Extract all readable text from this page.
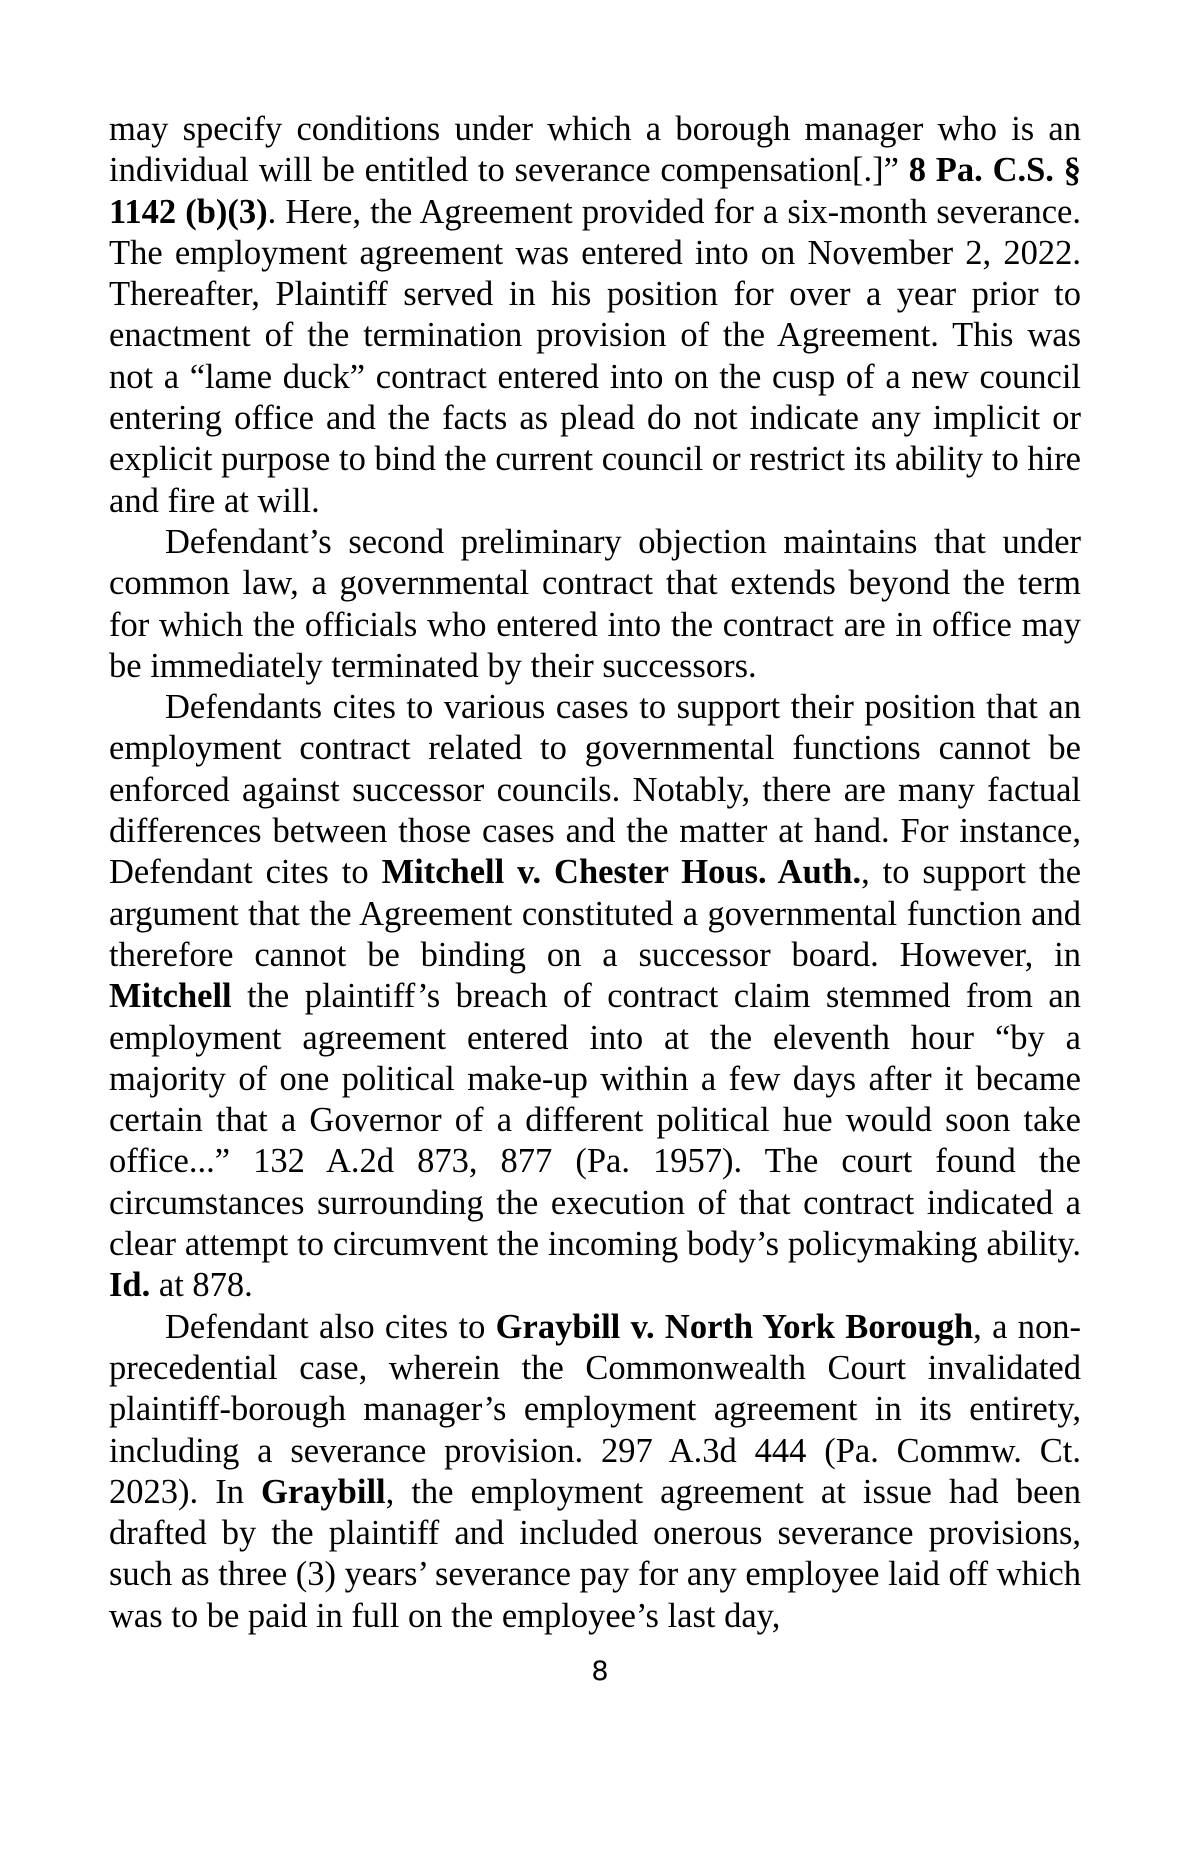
may specify conditions under which a borough manager who is an individual will be entitled to severance compensation[.]” 8 Pa. C.S. § 1142 (b)(3). Here, the Agreement provided for a six-month severance. The employment agreement was entered into on November 2, 2022. Thereafter, Plaintiff served in his position for over a year prior to enactment of the termination provision of the Agreement. This was not a “lame duck” contract entered into on the cusp of a new council entering office and the facts as plead do not indicate any implicit or explicit purpose to bind the current council or restrict its ability to hire and fire at will.

Defendant’s second preliminary objection maintains that under common law, a governmental contract that extends beyond the term for which the officials who entered into the contract are in office may be immediately terminated by their successors.

Defendants cites to various cases to support their position that an employment contract related to governmental functions cannot be enforced against successor councils. Notably, there are many factual differences between those cases and the matter at hand. For instance, Defendant cites to Mitchell v. Chester Hous. Auth., to support the argument that the Agreement constituted a governmental function and therefore cannot be binding on a successor board. However, in Mitchell the plaintiff’s breach of contract claim stemmed from an employment agreement entered into at the eleventh hour “by a majority of one political make-up within a few days after it became certain that a Governor of a different political hue would soon take office...” 132 A.2d 873, 877 (Pa. 1957). The court found the circumstances surrounding the execution of that contract indicated a clear attempt to circumvent the incoming body’s policymaking ability. Id. at 878.

Defendant also cites to Graybill v. North York Borough, a non-precedential case, wherein the Commonwealth Court invalidated plaintiff-borough manager’s employment agreement in its entirety, including a severance provision. 297 A.3d 444 (Pa. Commw. Ct. 2023). In Graybill, the employment agreement at issue had been drafted by the plaintiff and included onerous severance provisions, such as three (3) years’ severance pay for any employee laid off which was to be paid in full on the employee’s last day,

8
